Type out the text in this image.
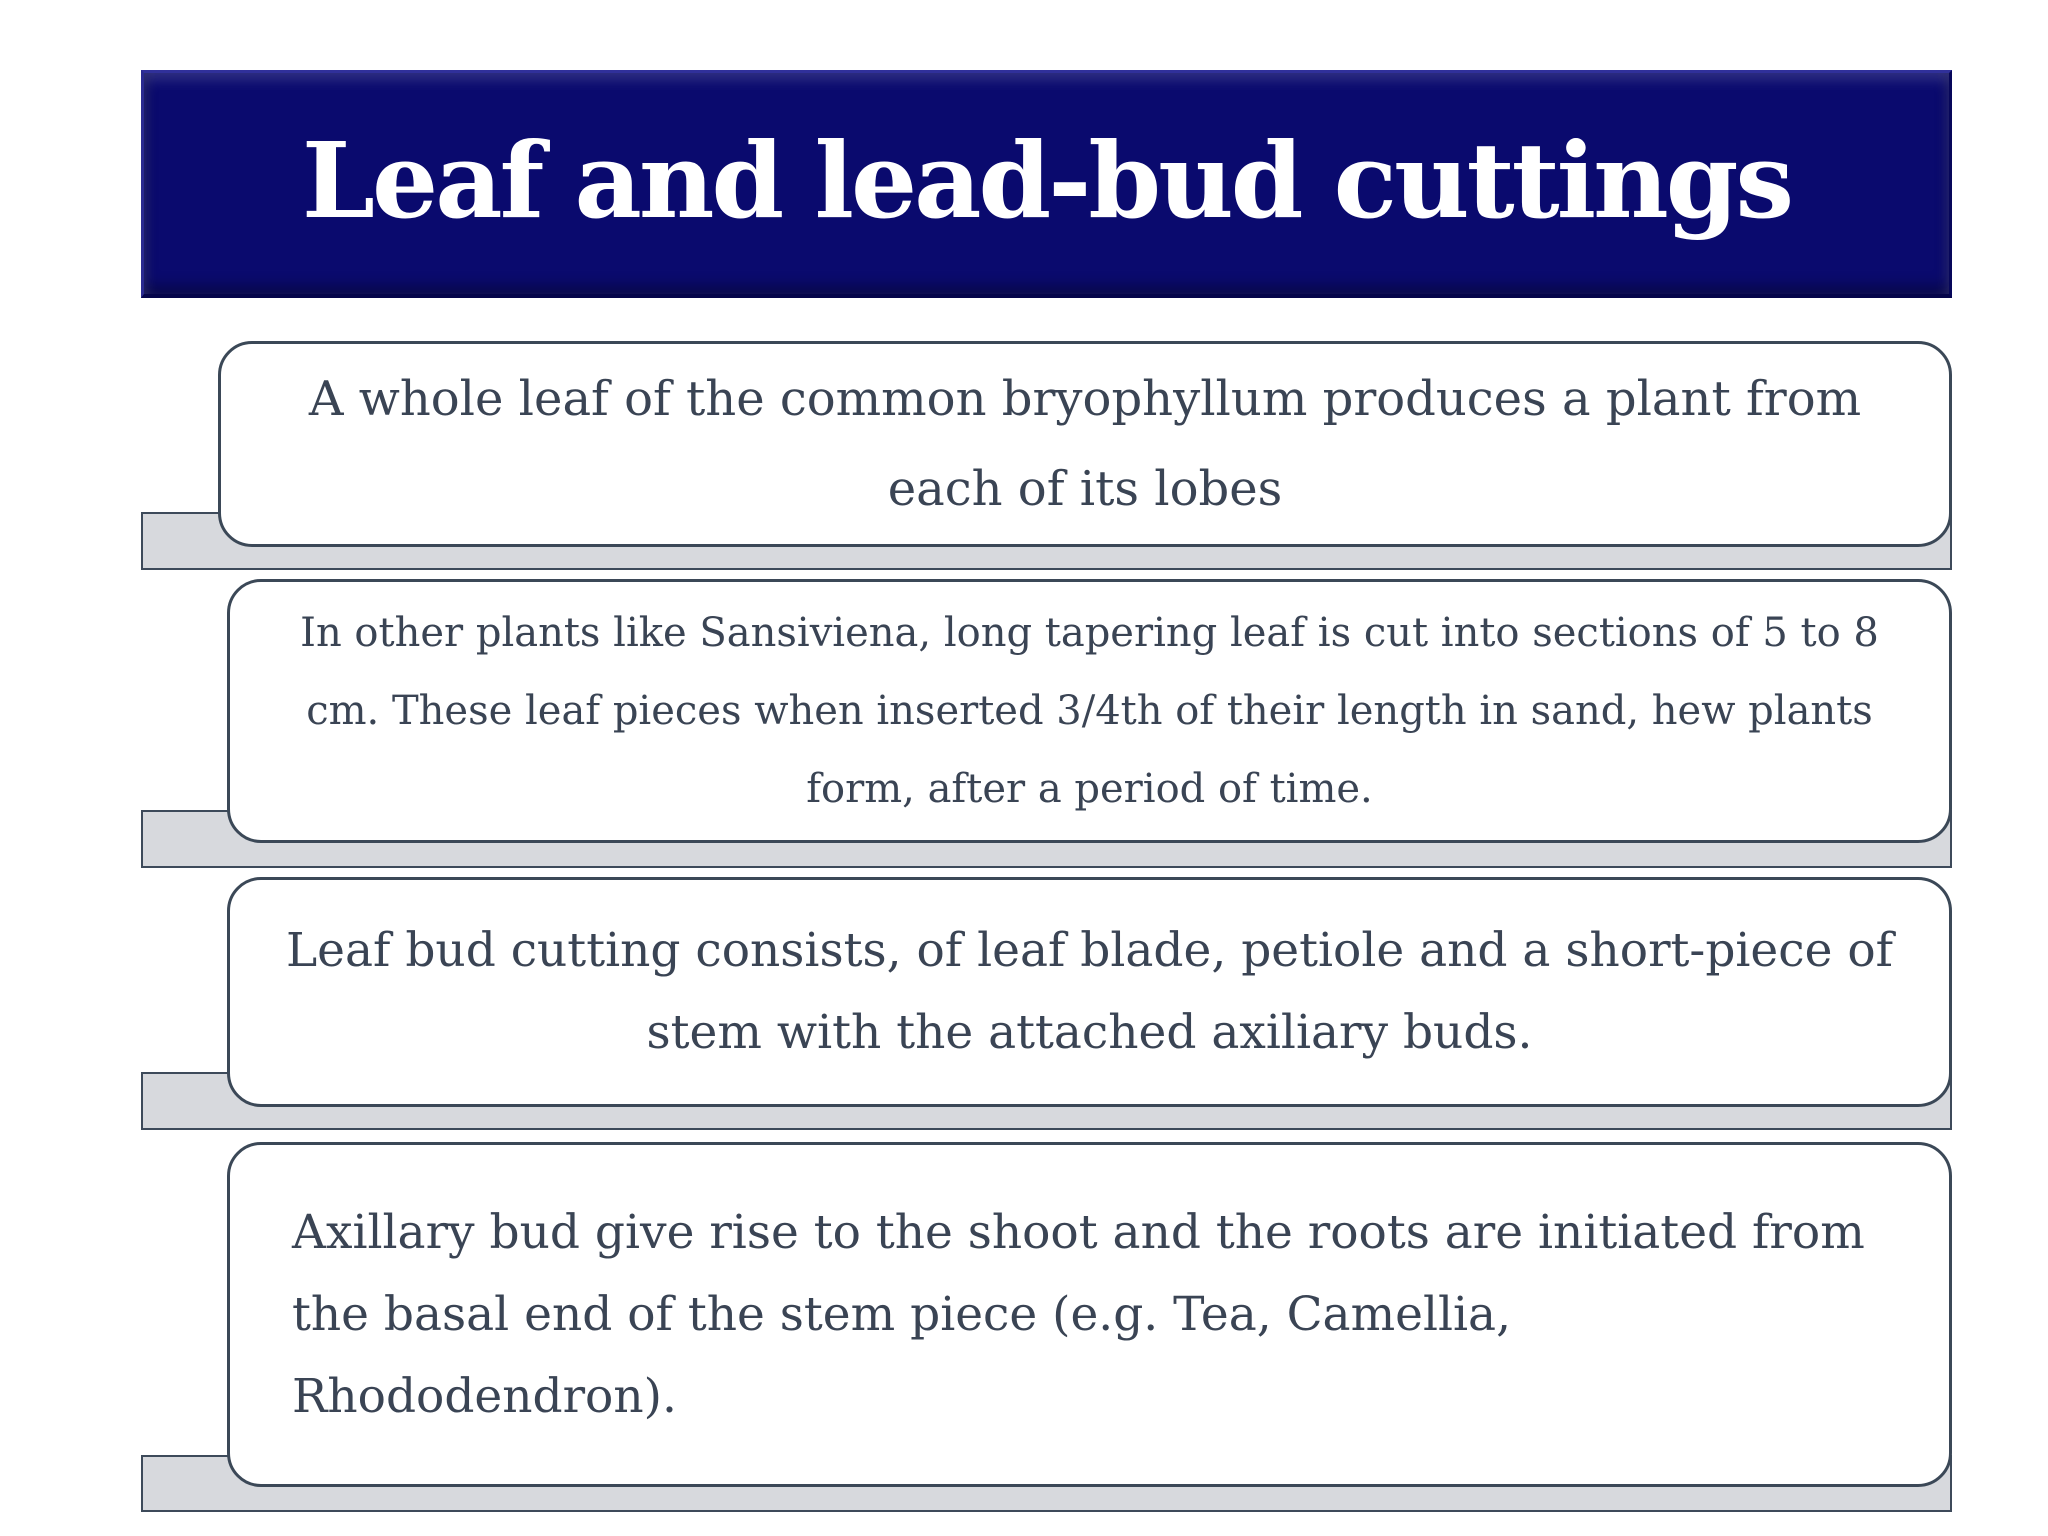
Leaf and lead-bud cuttings
A whole leaf of the common bryophyllum produces a plant from each of its lobes
In other plants like Sansiviena, long tapering leaf is cut into sections of 5 to 8 cm. These leaf pieces when inserted 3/4th of their length in sand, hew plants form, after a period of time.
Leaf bud cutting consists, of leaf blade, petiole and a short-piece of stem with the attached axiliary buds.
Axillary bud give rise to the shoot and the roots are initiated from the basal end of the stem piece (e.g. Tea, Camellia, Rhododendron).
